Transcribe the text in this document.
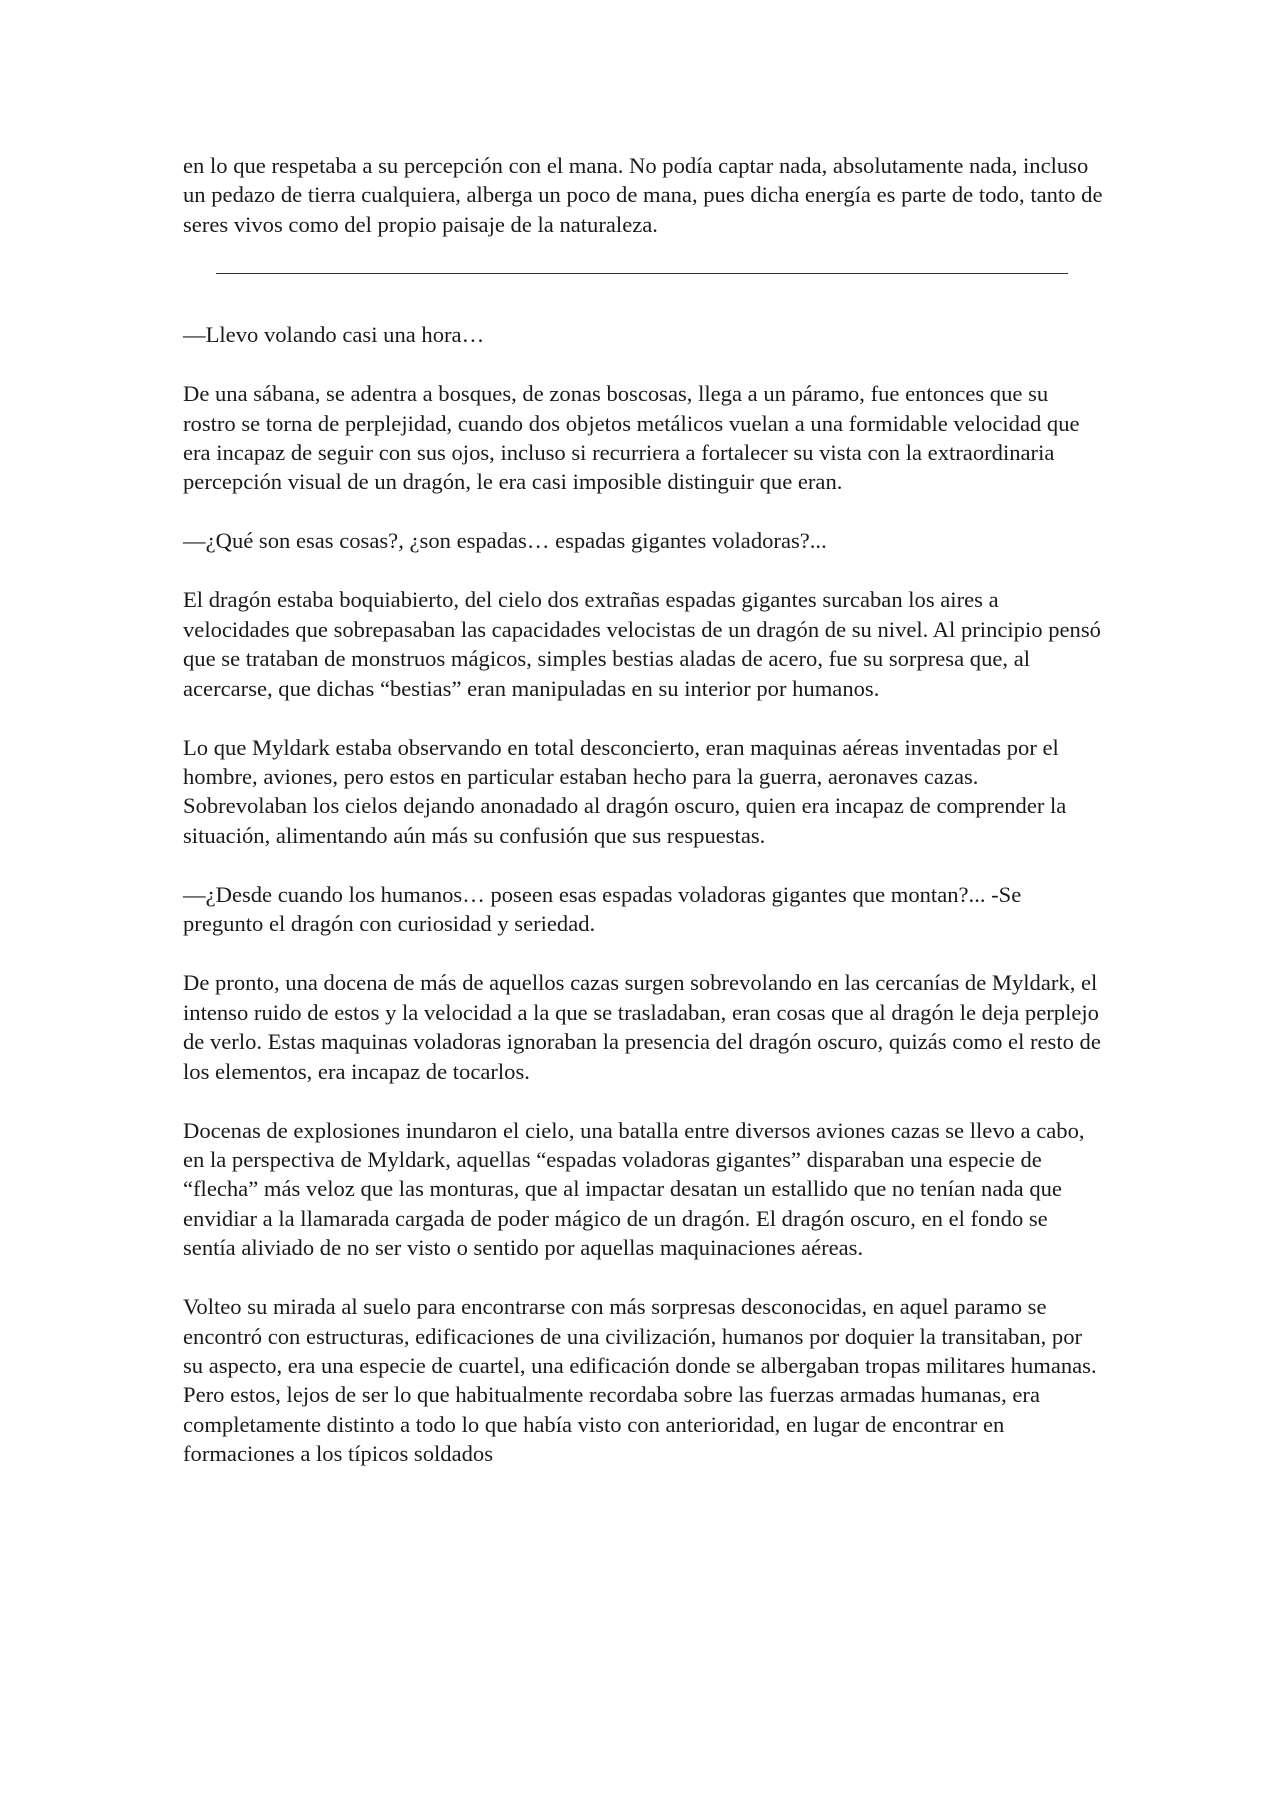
en lo que respetaba a su percepción con el mana. No podía captar nada, absolutamente nada, incluso un pedazo de tierra cualquiera, alberga un poco de mana, pues dicha energía es parte de todo, tanto de seres vivos como del propio paisaje de la naturaleza.

—Llevo volando casi una hora…

De una sábana, se adentra a bosques, de zonas boscosas, llega a un páramo, fue entonces que su rostro se torna de perplejidad, cuando dos objetos metálicos vuelan a una formidable velocidad que era incapaz de seguir con sus ojos, incluso si recurriera a fortalecer su vista con la extraordinaria percepción visual de un dragón, le era casi imposible distinguir que eran.

—¿Qué son esas cosas?, ¿son espadas… espadas gigantes voladoras?...

El dragón estaba boquiabierto, del cielo dos extrañas espadas gigantes surcaban los aires a velocidades que sobrepasaban las capacidades velocistas de un dragón de su nivel. Al principio pensó que se trataban de monstruos mágicos, simples bestias aladas de acero, fue su sorpresa que, al acercarse, que dichas “bestias” eran manipuladas en su interior por humanos.

Lo que Myldark estaba observando en total desconcierto, eran maquinas aéreas inventadas por el hombre, aviones, pero estos en particular estaban hecho para la guerra, aeronaves cazas. Sobrevolaban los cielos dejando anonadado al dragón oscuro, quien era incapaz de comprender la situación, alimentando aún más su confusión que sus respuestas.

—¿Desde cuando los humanos… poseen esas espadas voladoras gigantes que montan?... -Se pregunto el dragón con curiosidad y seriedad.

De pronto, una docena de más de aquellos cazas surgen sobrevolando en las cercanías de Myldark, el intenso ruido de estos y la velocidad a la que se trasladaban, eran cosas que al dragón le deja perplejo de verlo. Estas maquinas voladoras ignoraban la presencia del dragón oscuro, quizás como el resto de los elementos, era incapaz de tocarlos.

Docenas de explosiones inundaron el cielo, una batalla entre diversos aviones cazas se llevo a cabo, en la perspectiva de Myldark, aquellas “espadas voladoras gigantes” disparaban una especie de “flecha” más veloz que las monturas, que al impactar desatan un estallido que no tenían nada que envidiar a la llamarada cargada de poder mágico de un dragón. El dragón oscuro, en el fondo se sentía aliviado de no ser visto o sentido por aquellas maquinaciones aéreas.

Volteo su mirada al suelo para encontrarse con más sorpresas desconocidas, en aquel paramo se encontró con estructuras, edificaciones de una civilización, humanos por doquier la transitaban, por su aspecto, era una especie de cuartel, una edificación donde se albergaban tropas militares humanas. Pero estos, lejos de ser lo que habitualmente recordaba sobre las fuerzas armadas humanas, era completamente distinto a todo lo que había visto con anterioridad, en lugar de encontrar en formaciones a los típicos soldados
